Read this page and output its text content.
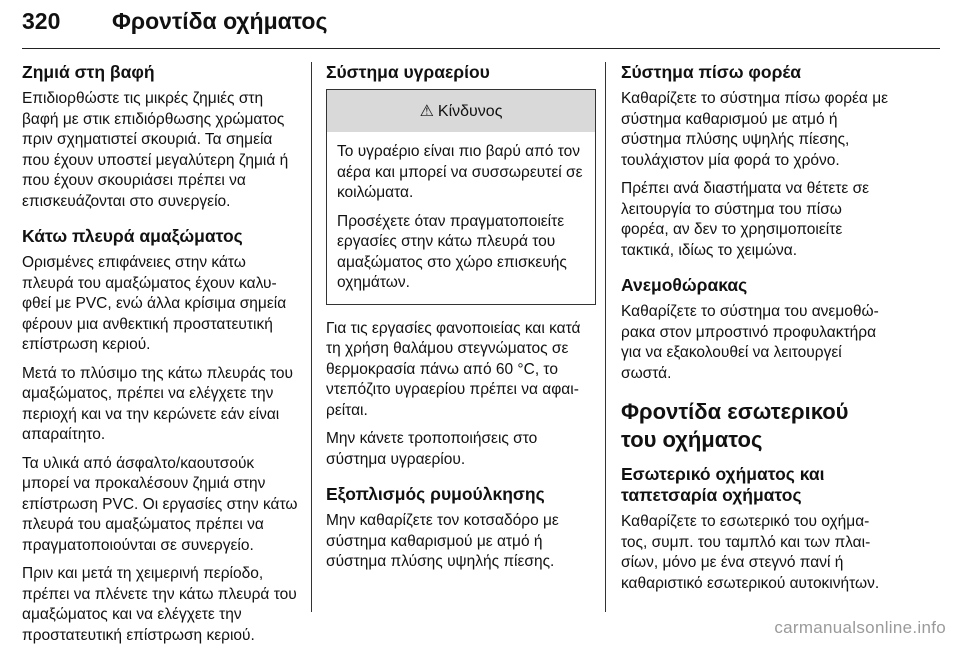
320	Φροντίδα οχήματος
Ζημιά στη βαφή

Επιδιορθώστε τις μικρές ζημιές στη βαφή με στικ επιδιόρθωσης χρώματος πριν σχηματιστεί σκουριά. Τα σημεία που έχουν υποστεί μεγαλύτερη ζημιά ή που έχουν σκουριάσει πρέπει να επισκευάζονται στο συνεργείο.

Κάτω πλευρά αμαξώματος

Ορισμένες επιφάνειες στην κάτω πλευρά του αμαξώματος έχουν καλυφθεί με PVC, ενώ άλλα κρίσιμα σημεία φέρουν μια ανθεκτική προστατευτική επίστρωση κεριού.

Μετά το πλύσιμο της κάτω πλευράς του αμαξώματος, πρέπει να ελέγχετε την περιοχή και να την κερώνετε εάν είναι απαραίτητο.

Τα υλικά από άσφαλτο/καουτσούκ μπορεί να προκαλέσουν ζημιά στην επίστρωση PVC. Οι εργασίες στην κάτω πλευρά του αμαξώματος πρέπει να πραγματοποιούνται σε συνεργείο.

Πριν και μετά τη χειμερινή περίοδο, πρέπει να πλένετε την κάτω πλευρά του αμαξώματος και να ελέγχετε την προστατευτική επίστρωση κεριού.

Σύστημα υγραερίου
⚠ Κίνδυνος

Το υγραέριο είναι πιο βαρύ από τον αέρα και μπορεί να συσσωρευτεί σε κοιλώματα.

Προσέχετε όταν πραγματοποιείτε εργασίες στην κάτω πλευρά του αμαξώματος στο χώρο επισκευής οχημάτων.

Για τις εργασίες φανοποιείας και κατά τη χρήση θαλάμου στεγνώματος σε θερμοκρασία πάνω από 60 °C, το ντεπόζιτο υγραερίου πρέπει να αφαιρείται.

Μην κάνετε τροποποιήσεις στο σύστημα υγραερίου.

Εξοπλισμός ρυμούλκησης

Μην καθαρίζετε τον κοτσαδόρο με σύστημα καθαρισμού με ατμό ή σύστημα πλύσης υψηλής πίεσης.

Σύστημα πίσω φορέα

Καθαρίζετε το σύστημα πίσω φορέα με σύστημα καθαρισμού με ατμό ή σύστημα πλύσης υψηλής πίεσης, τουλάχιστον μία φορά το χρόνο.

Πρέπει ανά διαστήματα να θέτετε σε λειτουργία το σύστημα του πίσω φορέα, αν δεν το χρησιμοποιείτε τακτικά, ιδίως το χειμώνα.

Ανεμοθώρακας

Καθαρίζετε το σύστημα του ανεμοθώρακα στον μπροστινό προφυλακτήρα για να εξακολουθεί να λειτουργεί σωστά.

Φροντίδα εσωτερικού του οχήματος
Εσωτερικό οχήματος και ταπετσαρία οχήματος

Καθαρίζετε το εσωτερικό του οχήματος, συμπ. του ταμπλό και των πλαισίων, μόνο με ένα στεγνό πανί ή καθαριστικό εσωτερικού αυτοκινήτων.

carmanualsonline.info
